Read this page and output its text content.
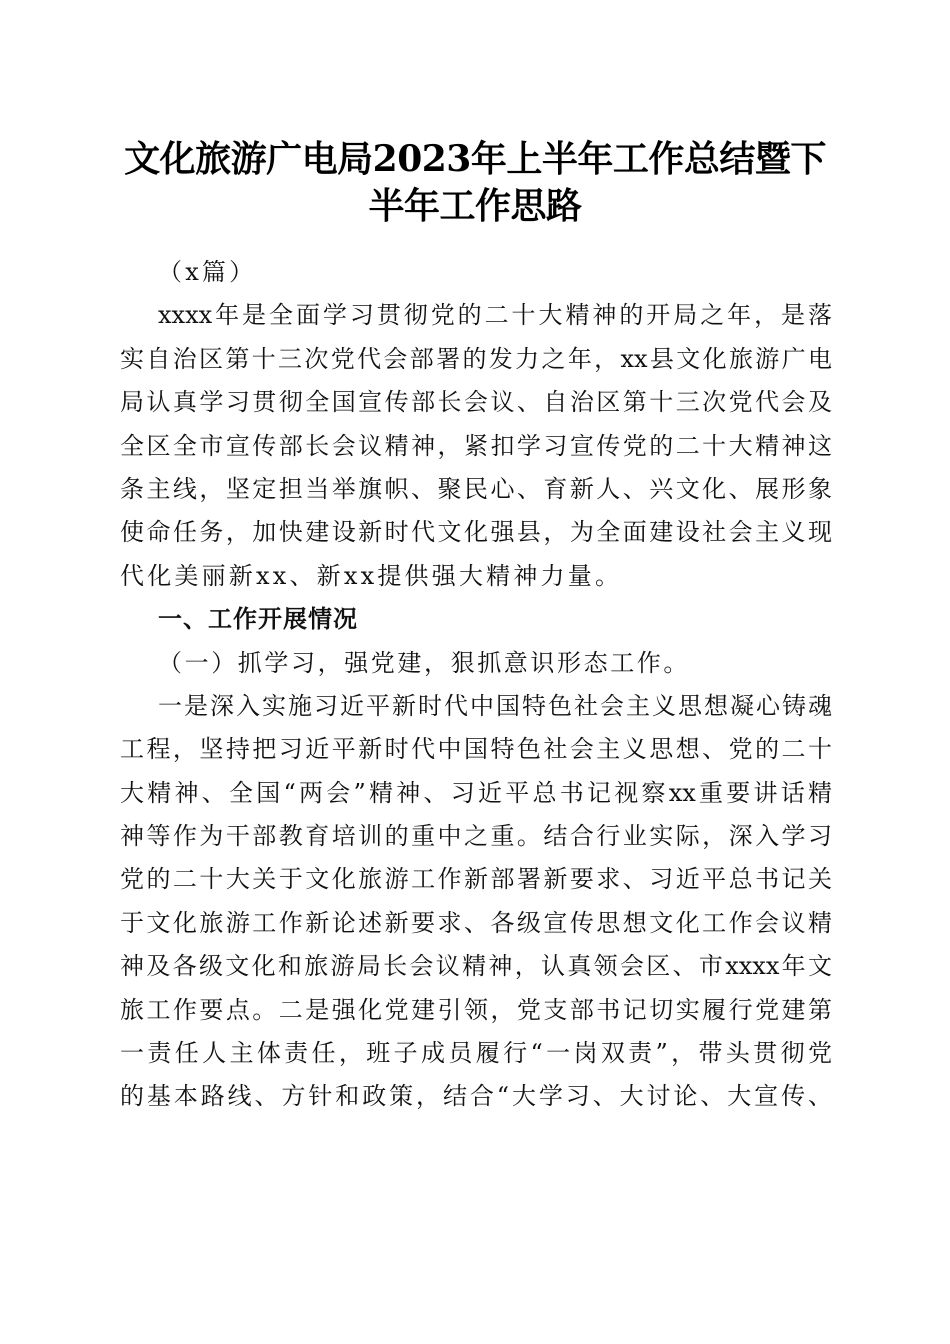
文化旅游广电局2023年上半年工作总结暨下
半年工作思路
（x篇）
xxxx年是全面学习贯彻党的二十大精神的开局之年，是落
实自治区第十三次党代会部署的发力之年，xx县文化旅游广电
局认真学习贯彻全国宣传部长会议、自治区第十三次党代会及
全区全市宣传部长会议精神，紧扣学习宣传党的二十大精神这
条主线，坚定担当举旗帜、聚民心、育新人、兴文化、展形象
使命任务，加快建设新时代文化强县，为全面建设社会主义现
代化美丽新xx、新xx提供强大精神力量。
一、工作开展情况
（一）抓学习，强党建，狠抓意识形态工作。
一是深入实施习近平新时代中国特色社会主义思想凝心铸魂
工程，坚持把习近平新时代中国特色社会主义思想、党的二十
大精神、全国“两会”精神、习近平总书记视察xx重要讲话精
神等作为干部教育培训的重中之重。结合行业实际，深入学习
党的二十大关于文化旅游工作新部署新要求、习近平总书记关
于文化旅游工作新论述新要求、各级宣传思想文化工作会议精
神及各级文化和旅游局长会议精神，认真领会区、市xxxx年文
旅工作要点。二是强化党建引领，党支部书记切实履行党建第
一责任人主体责任，班子成员履行“一岗双责”，带头贯彻党
的基本路线、方针和政策，结合“大学习、大讨论、大宣传、
